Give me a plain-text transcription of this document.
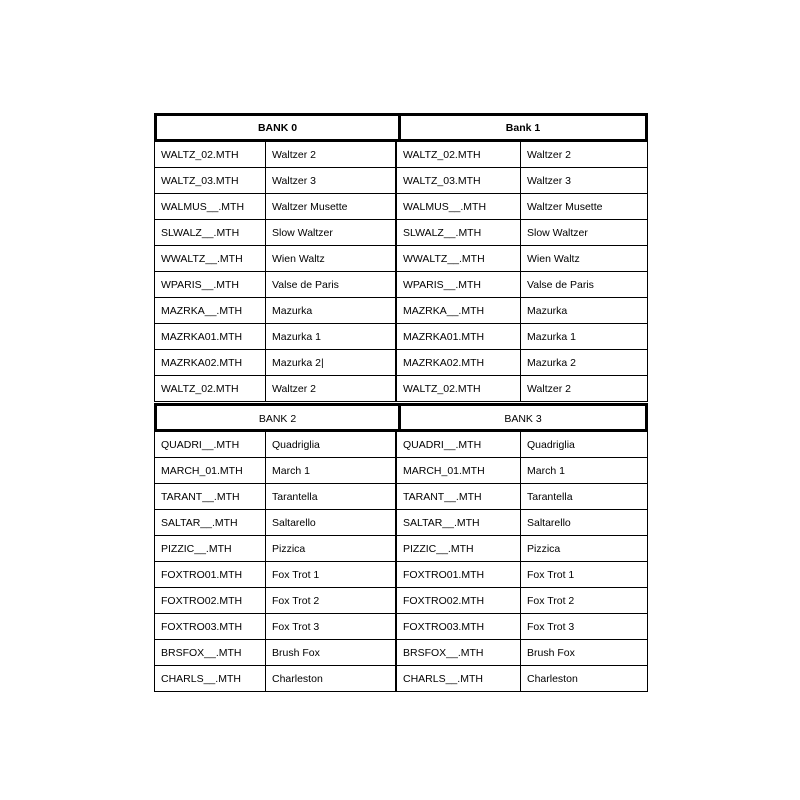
BANK 0	Bank 1
WALTZ_02.MTH	Waltzer 2	WALTZ_02.MTH	Waltzer 2
WALTZ_03.MTH	Waltzer 3	WALTZ_03.MTH	Waltzer 3
WALMUS__.MTH	Waltzer Musette	WALMUS__.MTH	Waltzer Musette
SLWALZ__.MTH	Slow Waltzer	SLWALZ__.MTH	Slow Waltzer
WWALTZ__.MTH	Wien Waltz	WWALTZ__.MTH	Wien Waltz
WPARIS__.MTH	Valse de Paris	WPARIS__.MTH	Valse de Paris
MAZRKA__.MTH	Mazurka	MAZRKA__.MTH	Mazurka
MAZRKA01.MTH	Mazurka 1	MAZRKA01.MTH	Mazurka 1
MAZRKA02.MTH	Mazurka 2|	MAZRKA02.MTH	Mazurka 2
WALTZ_02.MTH	Waltzer 2	WALTZ_02.MTH	Waltzer 2
BANK 2	BANK 3
QUADRI__.MTH	Quadriglia	QUADRI__.MTH	Quadriglia
MARCH_01.MTH	March 1	MARCH_01.MTH	March 1
TARANT__.MTH	Tarantella	TARANT__.MTH	Tarantella
SALTAR__.MTH	Saltarello	SALTAR__.MTH	Saltarello
PIZZIC__.MTH	Pizzica	PIZZIC__.MTH	Pizzica
FOXTRO01.MTH	Fox Trot 1	FOXTRO01.MTH	Fox Trot 1
FOXTRO02.MTH	Fox Trot 2	FOXTRO02.MTH	Fox Trot 2
FOXTRO03.MTH	Fox Trot 3	FOXTRO03.MTH	Fox Trot 3
BRSFOX__.MTH	Brush Fox	BRSFOX__.MTH	Brush Fox
CHARLS__.MTH	Charleston	CHARLS__.MTH	Charleston
